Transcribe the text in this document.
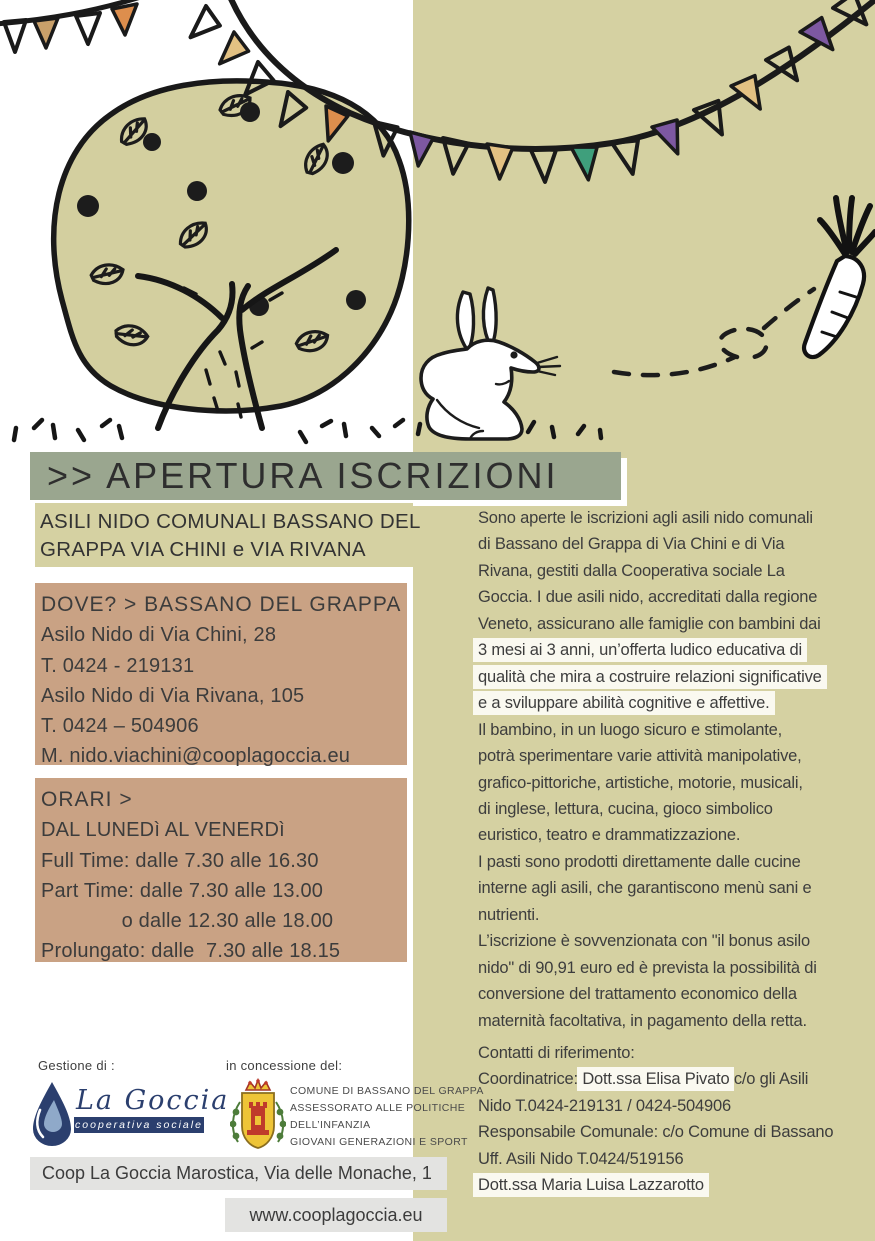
>> APERTURA ISCRIZIONI
ASILI NIDO COMUNALI BASSANO DEL
GRAPPA VIA CHINI e VIA RIVANA
DOVE? > BASSANO DEL GRAPPA
Asilo Nido di Via Chini, 28
T. 0424 - 219131
Asilo Nido di Via Rivana, 105
T. 0424 – 504906
M. nido.viachini@cooplagoccia.eu
ORARI >
DAL LUNEDì AL VENERDì
Full Time: dalle 7.30 alle 16.30
Part Time: dalle 7.30 alle 13.00
o dalle 12.30 alle 18.00
Prolungato: dalle  7.30 alle 18.15
Sono aperte le iscrizioni agli asili nido comunali
di Bassano del Grappa di Via Chini e di Via
Rivana, gestiti dalla Cooperativa sociale La
Goccia. I due asili nido, accreditati dalla regione
Veneto, assicurano alle famiglie con bambini dai
3 mesi ai 3 anni, un’offerta ludico educativa di
qualità che mira a costruire relazioni significative
e a sviluppare abilità cognitive e affettive.
Il bambino, in un luogo sicuro e stimolante,
potrà sperimentare varie attività manipolative,
grafico-pittoriche, artistiche, motorie, musicali,
di inglese, lettura, cucina, gioco simbolico
euristico, teatro e drammatizzazione.
I pasti sono prodotti direttamente dalle cucine
interne agli asili, che garantiscono menù sani e
nutrienti.
L’iscrizione è sovvenzionata con "il bonus asilo
nido" di 90,91 euro ed è prevista la possibilità di
conversione del trattamento economico della
maternità facoltativa, in pagamento della retta.
Contatti di riferimento:
Coordinatrice: Dott.ssa Elisa Pivato c/o gli Asili
Nido T.0424-219131 / 0424-504906
Responsabile Comunale: c/o Comune di Bassano
Uff. Asili Nido T.0424/519156
Dott.ssa Maria Luisa Lazzarotto
Gestione di :	in concessione del:
La Goccia
cooperativa sociale
COMUNE DI BASSANO DEL GRAPPA
ASSESSORATO ALLE POLITICHE
DELL’INFANZIA
GIOVANI GENERAZIONI E SPORT
Coop La Goccia Marostica, Via delle Monache, 1
www.cooplagoccia.eu
